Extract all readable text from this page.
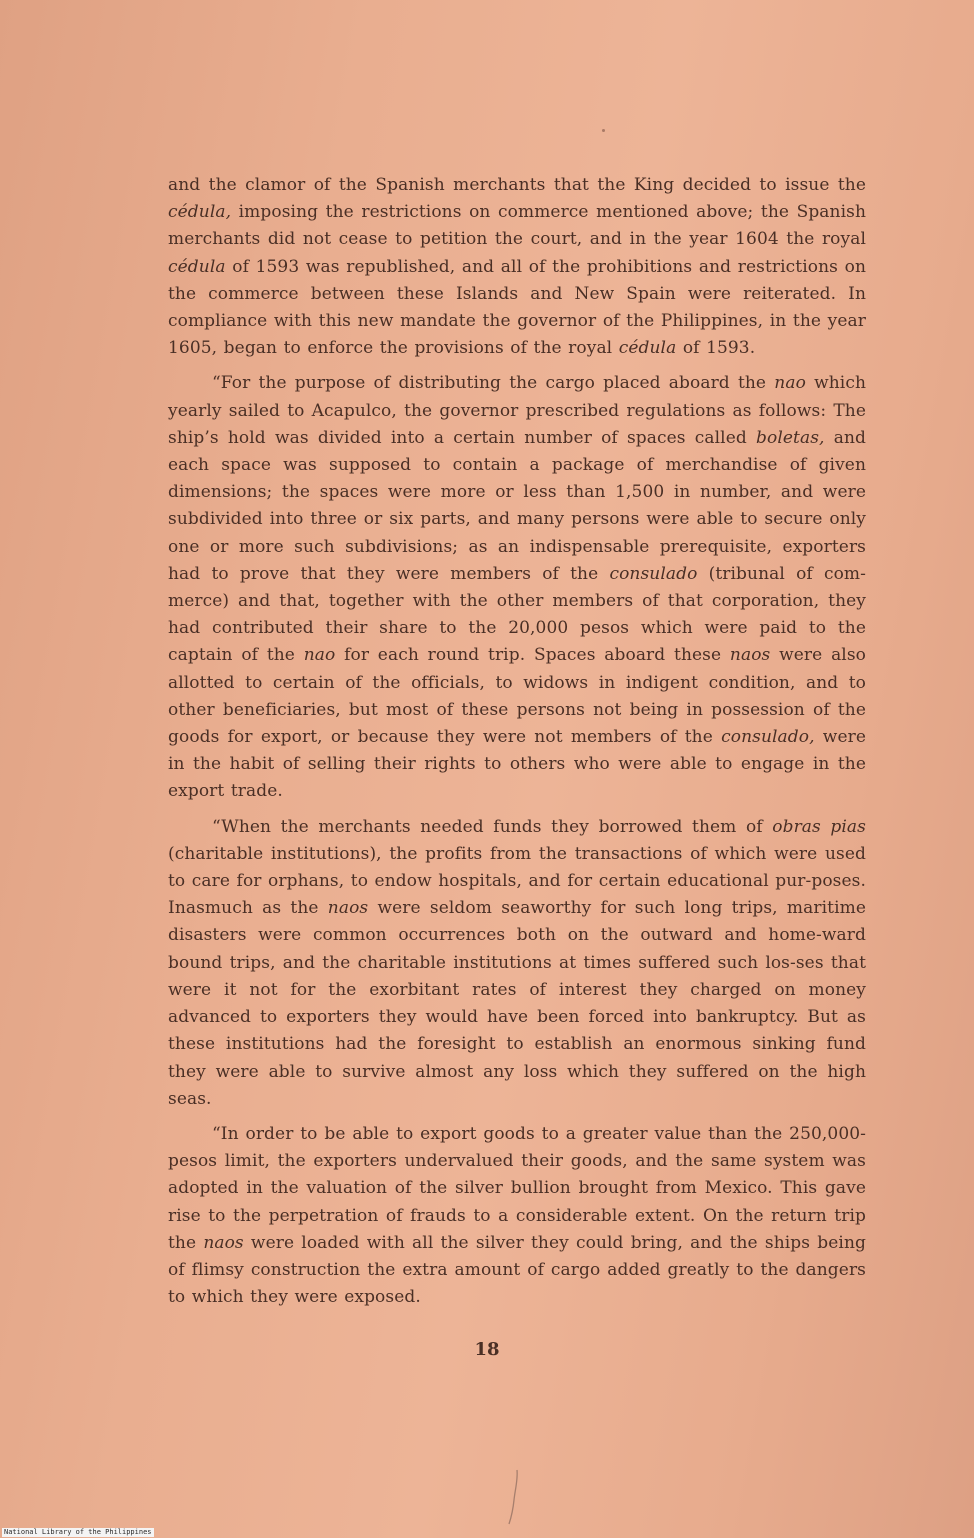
and the clamor of the Spanish merchants that the King decided to issue the cédula, imposing the restrictions on commerce mentioned above; the Spanish merchants did not cease to petition the court, and in the year 1604 the royal cédula of 1593 was republished, and all of the prohibitions and restrictions on the commerce between these Islands and New Spain were reiterated. In compliance with this new mandate the governor of the Philippines, in the year 1605, began to enforce the provisions of the royal cédula of 1593.

“For the purpose of distributing the cargo placed aboard the nao which yearly sailed to Acapulco, the governor prescribed regulations as follows: The ship’s hold was divided into a certain number of spaces called boletas, and each space was supposed to contain a package of merchandise of given dimensions; the spaces were more or less than 1,500 in number, and were subdivided into three or six parts, and many persons were able to secure only one or more such subdivisions; as an indispensable prerequisite, exporters had to prove that they were members of the consulado (tribunal of com-merce) and that, together with the other members of that corporation, they had contributed their share to the 20,000 pesos which were paid to the captain of the nao for each round trip. Spaces aboard these naos were also allotted to certain of the officials, to widows in indigent condition, and to other beneficiaries, but most of these persons not being in possession of the goods for export, or because they were not members of the consulado, were in the habit of selling their rights to others who were able to engage in the export trade.

“When the merchants needed funds they borrowed them of obras pias (charitable institutions), the profits from the transactions of which were used to care for orphans, to endow hospitals, and for certain educational pur-poses. Inasmuch as the naos were seldom seaworthy for such long trips, maritime disasters were common occurrences both on the outward and home-ward bound trips, and the charitable institutions at times suffered such los-ses that were it not for the exorbitant rates of interest they charged on money advanced to exporters they would have been forced into bankruptcy. But as these institutions had the foresight to establish an enormous sinking fund they were able to survive almost any loss which they suffered on the high seas.

“In order to be able to export goods to a greater value than the 250,000-pesos limit, the exporters undervalued their goods, and the same system was adopted in the valuation of the silver bullion brought from Mexico. This gave rise to the perpetration of frauds to a considerable extent. On the return trip the naos were loaded with all the silver they could bring, and the ships being of flimsy construction the extra amount of cargo added greatly to the dangers to which they were exposed.

18
National Library of the Philippines
